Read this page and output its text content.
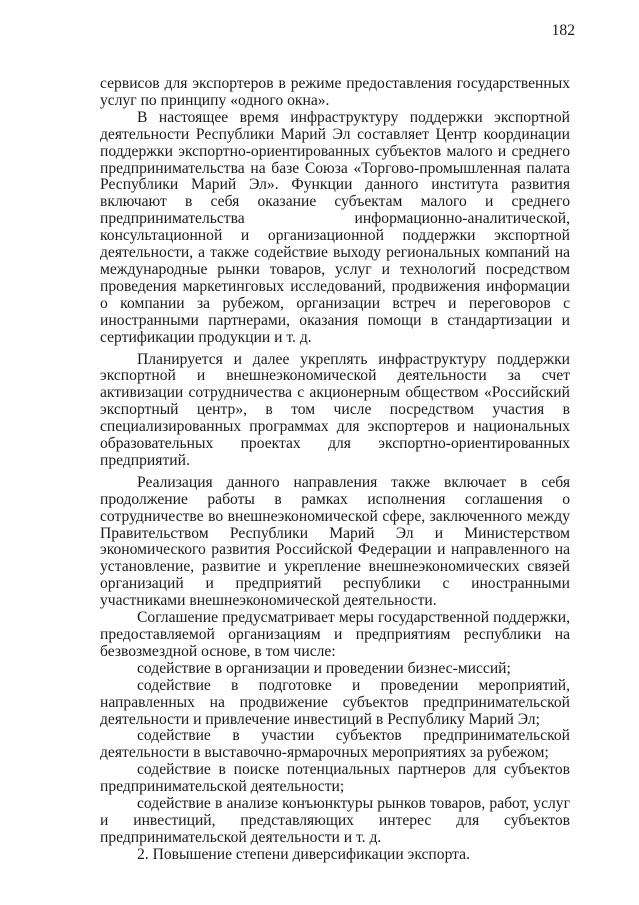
182

сервисов для экспортеров в режиме предоставления государственных услуг по принципу «одного окна».

В настоящее время инфраструктуру поддержки экспортной деятельности Республики Марий Эл составляет Центр координации поддержки экспортно-ориентированных субъектов малого и среднего предпринимательства на базе Союза «Торгово-промышленная палата Республики Марий Эл». Функции данного института развития включают в себя оказание субъектам малого и среднего предпринимательства информационно-аналитической, консультационной и организационной поддержки экспортной деятельности, а также содействие выходу региональных компаний на международные рынки товаров, услуг и технологий посредством проведения маркетинговых исследований, продвижения информации о компании за рубежом, организации встреч и переговоров с иностранными партнерами, оказания помощи в стандартизации и сертификации продукции и т. д.

Планируется и далее укреплять инфраструктуру поддержки экспортной и внешнеэкономической деятельности за счет активизации сотрудничества с акционерным обществом «Российский экспортный центр», в том числе посредством участия в специализированных программах для экспортеров и национальных образовательных проектах для экспортно-ориентированных предприятий.

Реализация данного направления также включает в себя продолжение работы в рамках исполнения соглашения о сотрудничестве во внешнеэкономической сфере, заключенного между Правительством Республики Марий Эл и Министерством экономического развития Российской Федерации и направленного на установление, развитие и укрепление внешнеэкономических связей организаций и предприятий республики с иностранными участниками внешнеэкономической деятельности.

Соглашение предусматривает меры государственной поддержки, предоставляемой организациям и предприятиям республики на безвозмездной основе, в том числе:

содействие в организации и проведении бизнес-миссий;

содействие в подготовке и проведении мероприятий, направленных на продвижение субъектов предпринимательской деятельности и привлечение инвестиций в Республику Марий Эл;

содействие в участии субъектов предпринимательской деятельности в выставочно-ярмарочных мероприятиях за рубежом;

содействие в поиске потенциальных партнеров для субъектов предпринимательской деятельности;

содействие в анализе конъюнктуры рынков товаров, работ, услуг и инвестиций, представляющих интерес для субъектов предпринимательской деятельности и т. д.

2. Повышение степени диверсификации экспорта.
